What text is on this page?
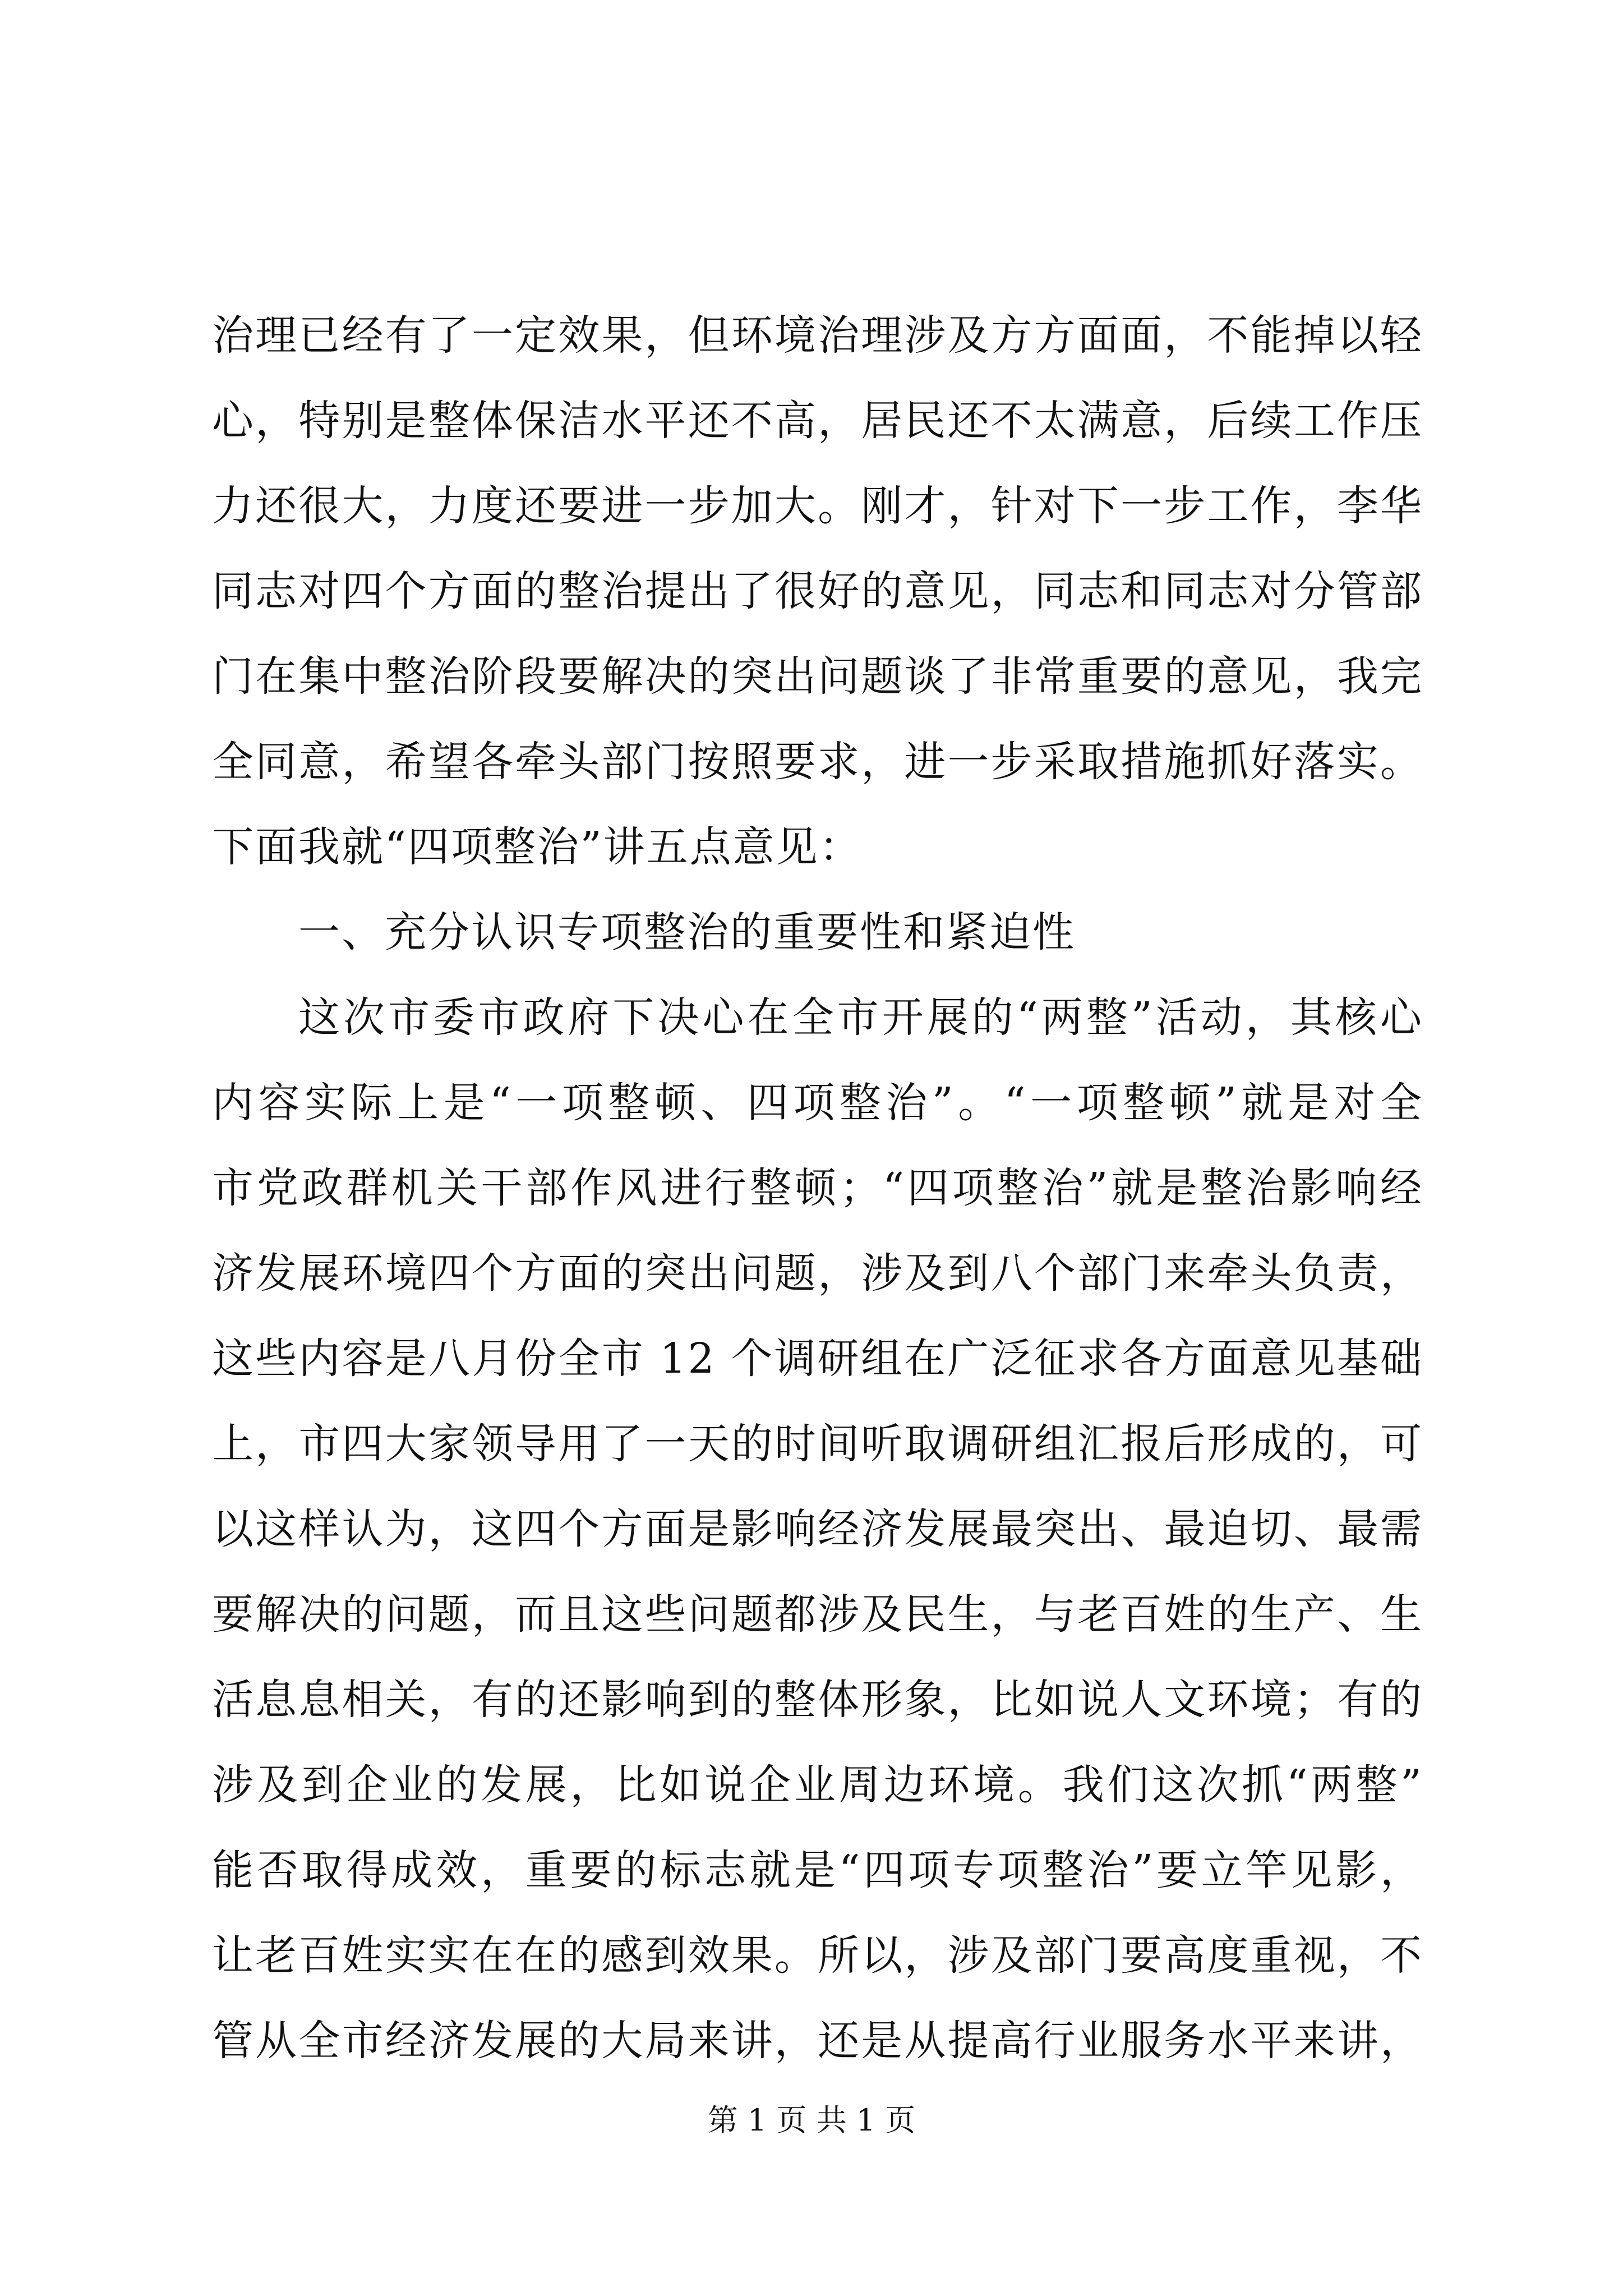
治理已经有了一定效果，但环境治理涉及方方面面，不能掉以轻
心，特别是整体保洁水平还不高，居民还不太满意，后续工作压
力还很大，力度还要进一步加大。刚才，针对下一步工作，李华
同志对四个方面的整治提出了很好的意见，同志和同志对分管部
门在集中整治阶段要解决的突出问题谈了非常重要的意见，我完
全同意，希望各牵头部门按照要求，进一步采取措施抓好落实。
下面我就“四项整治”讲五点意见：
一、充分认识专项整治的重要性和紧迫性
这次市委市政府下决心在全市开展的“两整”活动，其核心
内容实际上是“一项整顿、四项整治”。“一项整顿”就是对全
市党政群机关干部作风进行整顿；“四项整治”就是整治影响经
济发展环境四个方面的突出问题，涉及到八个部门来牵头负责，
这些内容是八月份全市 12 个调研组在广泛征求各方面意见基础
上，市四大家领导用了一天的时间听取调研组汇报后形成的，可
以这样认为，这四个方面是影响经济发展最突出、最迫切、最需
要解决的问题，而且这些问题都涉及民生，与老百姓的生产、生
活息息相关，有的还影响到的整体形象，比如说人文环境；有的
涉及到企业的发展，比如说企业周边环境。我们这次抓“两整”
能否取得成效，重要的标志就是“四项专项整治”要立竿见影，
让老百姓实实在在的感到效果。所以，涉及部门要高度重视，不
管从全市经济发展的大局来讲，还是从提高行业服务水平来讲，
第 1 页 共 1 页
